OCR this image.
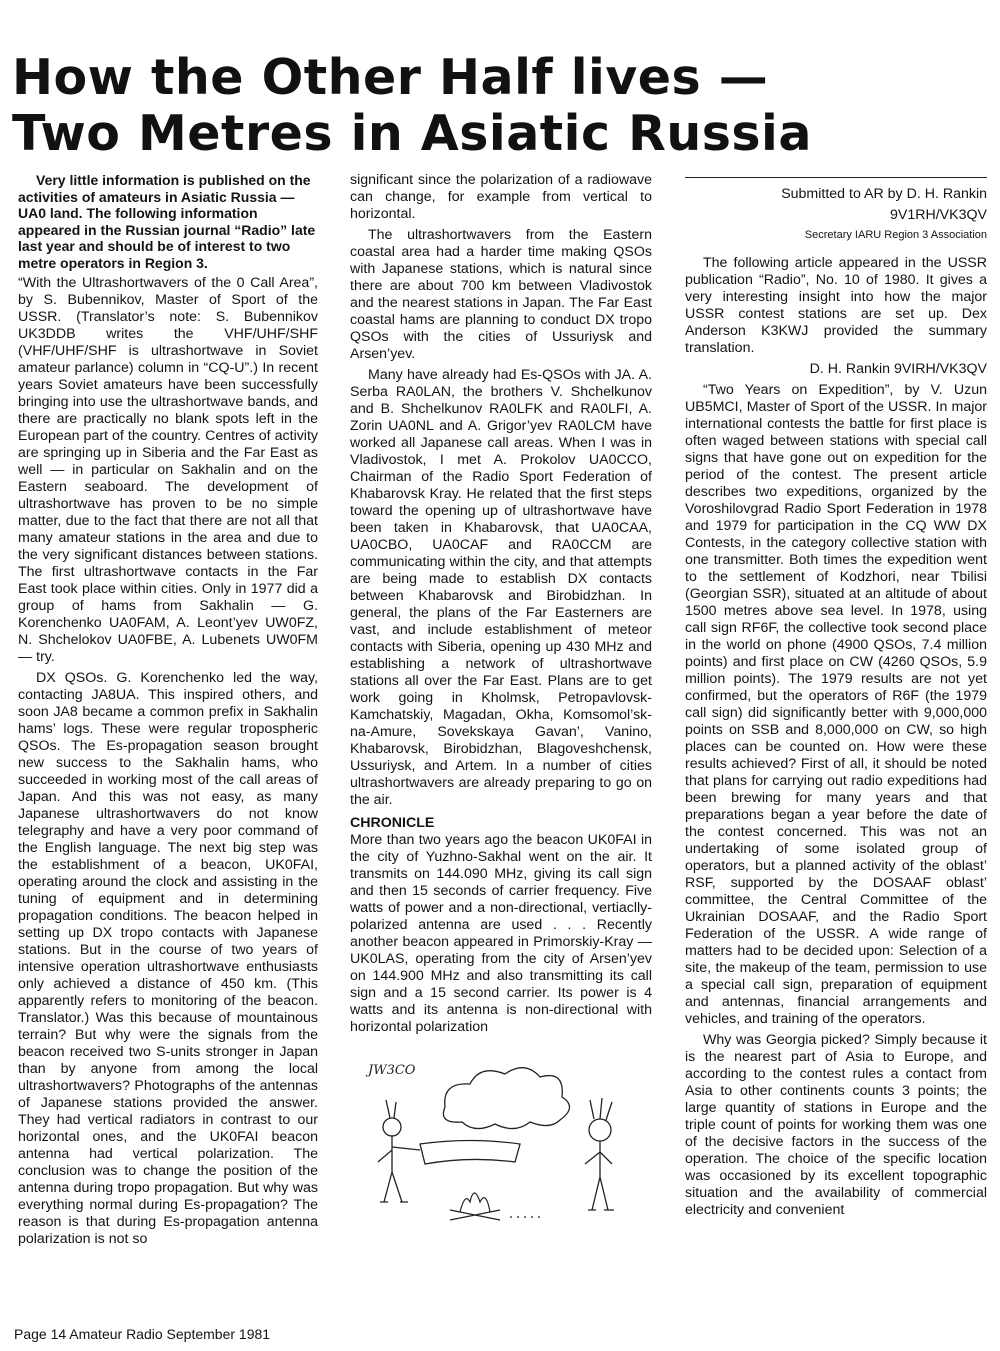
How the Other Half lives —
Two Metres in Asiatic Russia

Very little information is published on the activities of amateurs in Asiatic Russia — UA0 land. The following information appeared in the Russian journal “Radio” late last year and should be of interest to two metre operators in Region 3.

“With the Ultrashortwavers of the 0 Call Area”, by S. Bubennikov, Master of Sport of the USSR. (Translator’s note: S. Bubennikov UK3DDB writes the VHF/UHF/SHF (VHF/UHF/SHF is ultrashortwave in Soviet amateur parlance) column in “CQ-U”.) In recent years Soviet amateurs have been successfully bringing into use the ultrashortwave bands, and there are practically no blank spots left in the European part of the country. Centres of activity are springing up in Siberia and the Far East as well — in particular on Sakhalin and on the Eastern seaboard. The development of ultrashortwave has proven to be no simple matter, due to the fact that there are not all that many amateur stations in the area and due to the very significant distances between stations. The first ultrashortwave contacts in the Far East took place within cities. Only in 1977 did a group of hams from Sakhalin — G. Korenchenko UA0FAM, A. Leont’yev UW0FZ, N. Shchelokov UA0FBE, A. Lubenets UW0FM — try.

DX QSOs. G. Korenchenko led the way, contacting JA8UA. This inspired others, and soon JA8 became a common prefix in Sakhalin hams’ logs. These were regular tropospheric QSOs. The Es-propagation season brought new success to the Sakhalin hams, who succeeded in working most of the call areas of Japan. And this was not easy, as many Japanese ultrashortwavers do not know telegraphy and have a very poor command of the English language. The next big step was the establishment of a beacon, UK0FAI, operating around the clock and assisting in the tuning of equipment and in determining propagation conditions. The beacon helped in setting up DX tropo contacts with Japanese stations. But in the course of two years of intensive operation ultrashortwave enthusiasts only achieved a distance of 450 km. (This apparently refers to monitoring of the beacon. Translator.) Was this because of mountainous terrain? But why were the signals from the beacon received two S-units stronger in Japan than by anyone from among the local ultrashortwavers? Photographs of the antennas of Japanese stations provided the answer. They had vertical radiators in contrast to our horizontal ones, and the UK0FAI beacon antenna had vertical polarization. The conclusion was to change the position of the antenna during tropo propagation. But why was everything normal during Es-propagation? The reason is that during Es-propagation antenna polarization is not so

significant since the polarization of a radiowave can change, for example from vertical to horizontal.

The ultrashortwavers from the Eastern coastal area had a harder time making QSOs with Japanese stations, which is natural since there are about 700 km between Vladivostok and the nearest stations in Japan. The Far East coastal hams are planning to conduct DX tropo QSOs with the cities of Ussuriysk and Arsen’yev.

Many have already had Es-QSOs with JA. A. Serba RA0LAN, the brothers V. Shchelkunov and B. Shchelkunov RA0LFK and RA0LFI, A. Zorin UA0NL and A. Grigor’yev RA0LCM have worked all Japanese call areas. When I was in Vladivostok, I met A. Prokolov UA0CCO, Chairman of the Radio Sport Federation of Khabarovsk Kray. He related that the first steps toward the opening up of ultrashortwave have been taken in Khabarovsk, that UA0CAA, UA0CBO, UA0CAF and RA0CCM are communicating within the city, and that attempts are being made to establish DX contacts between Khabarovsk and Birobidzhan. In general, the plans of the Far Easterners are vast, and include establishment of meteor contacts with Siberia, opening up 430 MHz and establishing a network of ultrashortwave stations all over the Far East. Plans are to get work going in Kholmsk, Petropavlovsk-Kamchatskiy, Magadan, Okha, Komsomol’sk-na-Amure, Sovekskaya Gavan’, Vanino, Khabarovsk, Birobidzhan, Blagoveshchensk, Ussuriysk, and Artem. In a number of cities ultrashortwavers are already preparing to go on the air.

CHRONICLE

More than two years ago the beacon UK0FAI in the city of Yuzhno-Sakhal went on the air. It transmits on 144.090 MHz, giving its call sign and then 15 seconds of carrier frequency. Five watts of power and a non-directional, vertiaclly-polarized antenna are used . . . Recently another beacon appeared in Primorskiy-Kray — UK0LAS, operating from the city of Arsen’yev on 144.900 MHz and also transmitting its call sign and a 15 second carrier. Its power is 4 watts and its antenna is non-directional with horizontal polarization

JW3CO

Submitted to AR by D. H. Rankin

9V1RH/VK3QV

Secretary IARU Region 3 Association

The following article appeared in the USSR publication “Radio”, No. 10 of 1980. It gives a very interesting insight into how the major USSR contest stations are set up. Dex Anderson K3KWJ provided the summary translation.

D. H. Rankin 9VIRH/VK3QV

“Two Years on Expedition”, by V. Uzun UB5MCI, Master of Sport of the USSR. In major international contests the battle for first place is often waged between stations with special call signs that have gone out on expedition for the period of the contest. The present article describes two expeditions, organized by the Voroshilovgrad Radio Sport Federation in 1978 and 1979 for participation in the CQ WW DX Contests, in the category collective station with one transmitter. Both times the expedition went to the settlement of Kodzhori, near Tbilisi (Georgian SSR), situated at an altitude of about 1500 metres above sea level. In 1978, using call sign RF6F, the collective took second place in the world on phone (4900 QSOs, 7.4 million points) and first place on CW (4260 QSOs, 5.9 million points). The 1979 results are not yet confirmed, but the operators of R6F (the 1979 call sign) did significantly better with 9,000,000 points on SSB and 8,000,000 on CW, so high places can be counted on. How were these results achieved? First of all, it should be noted that plans for carrying out radio expeditions had been brewing for many years and that preparations began a year before the date of the contest concerned. This was not an undertaking of some isolated group of operators, but a planned activity of the oblast’ RSF, supported by the DOSAAF oblast’ committee, the Central Committee of the Ukrainian DOSAAF, and the Radio Sport Federation of the USSR. A wide range of matters had to be decided upon: Selection of a site, the makeup of the team, permission to use a special call sign, preparation of equipment and antennas, financial arrangements and vehicles, and training of the operators.

Why was Georgia picked? Simply because it is the nearest part of Asia to Europe, and according to the contest rules a contact from Asia to other continents counts 3 points; the large quantity of stations in Europe and the triple count of points for working them was one of the decisive factors in the success of the operation. The choice of the specific location was occasioned by its excellent topographic situation and the availability of commercial electricity and convenient

Page 14 Amateur Radio September 1981
